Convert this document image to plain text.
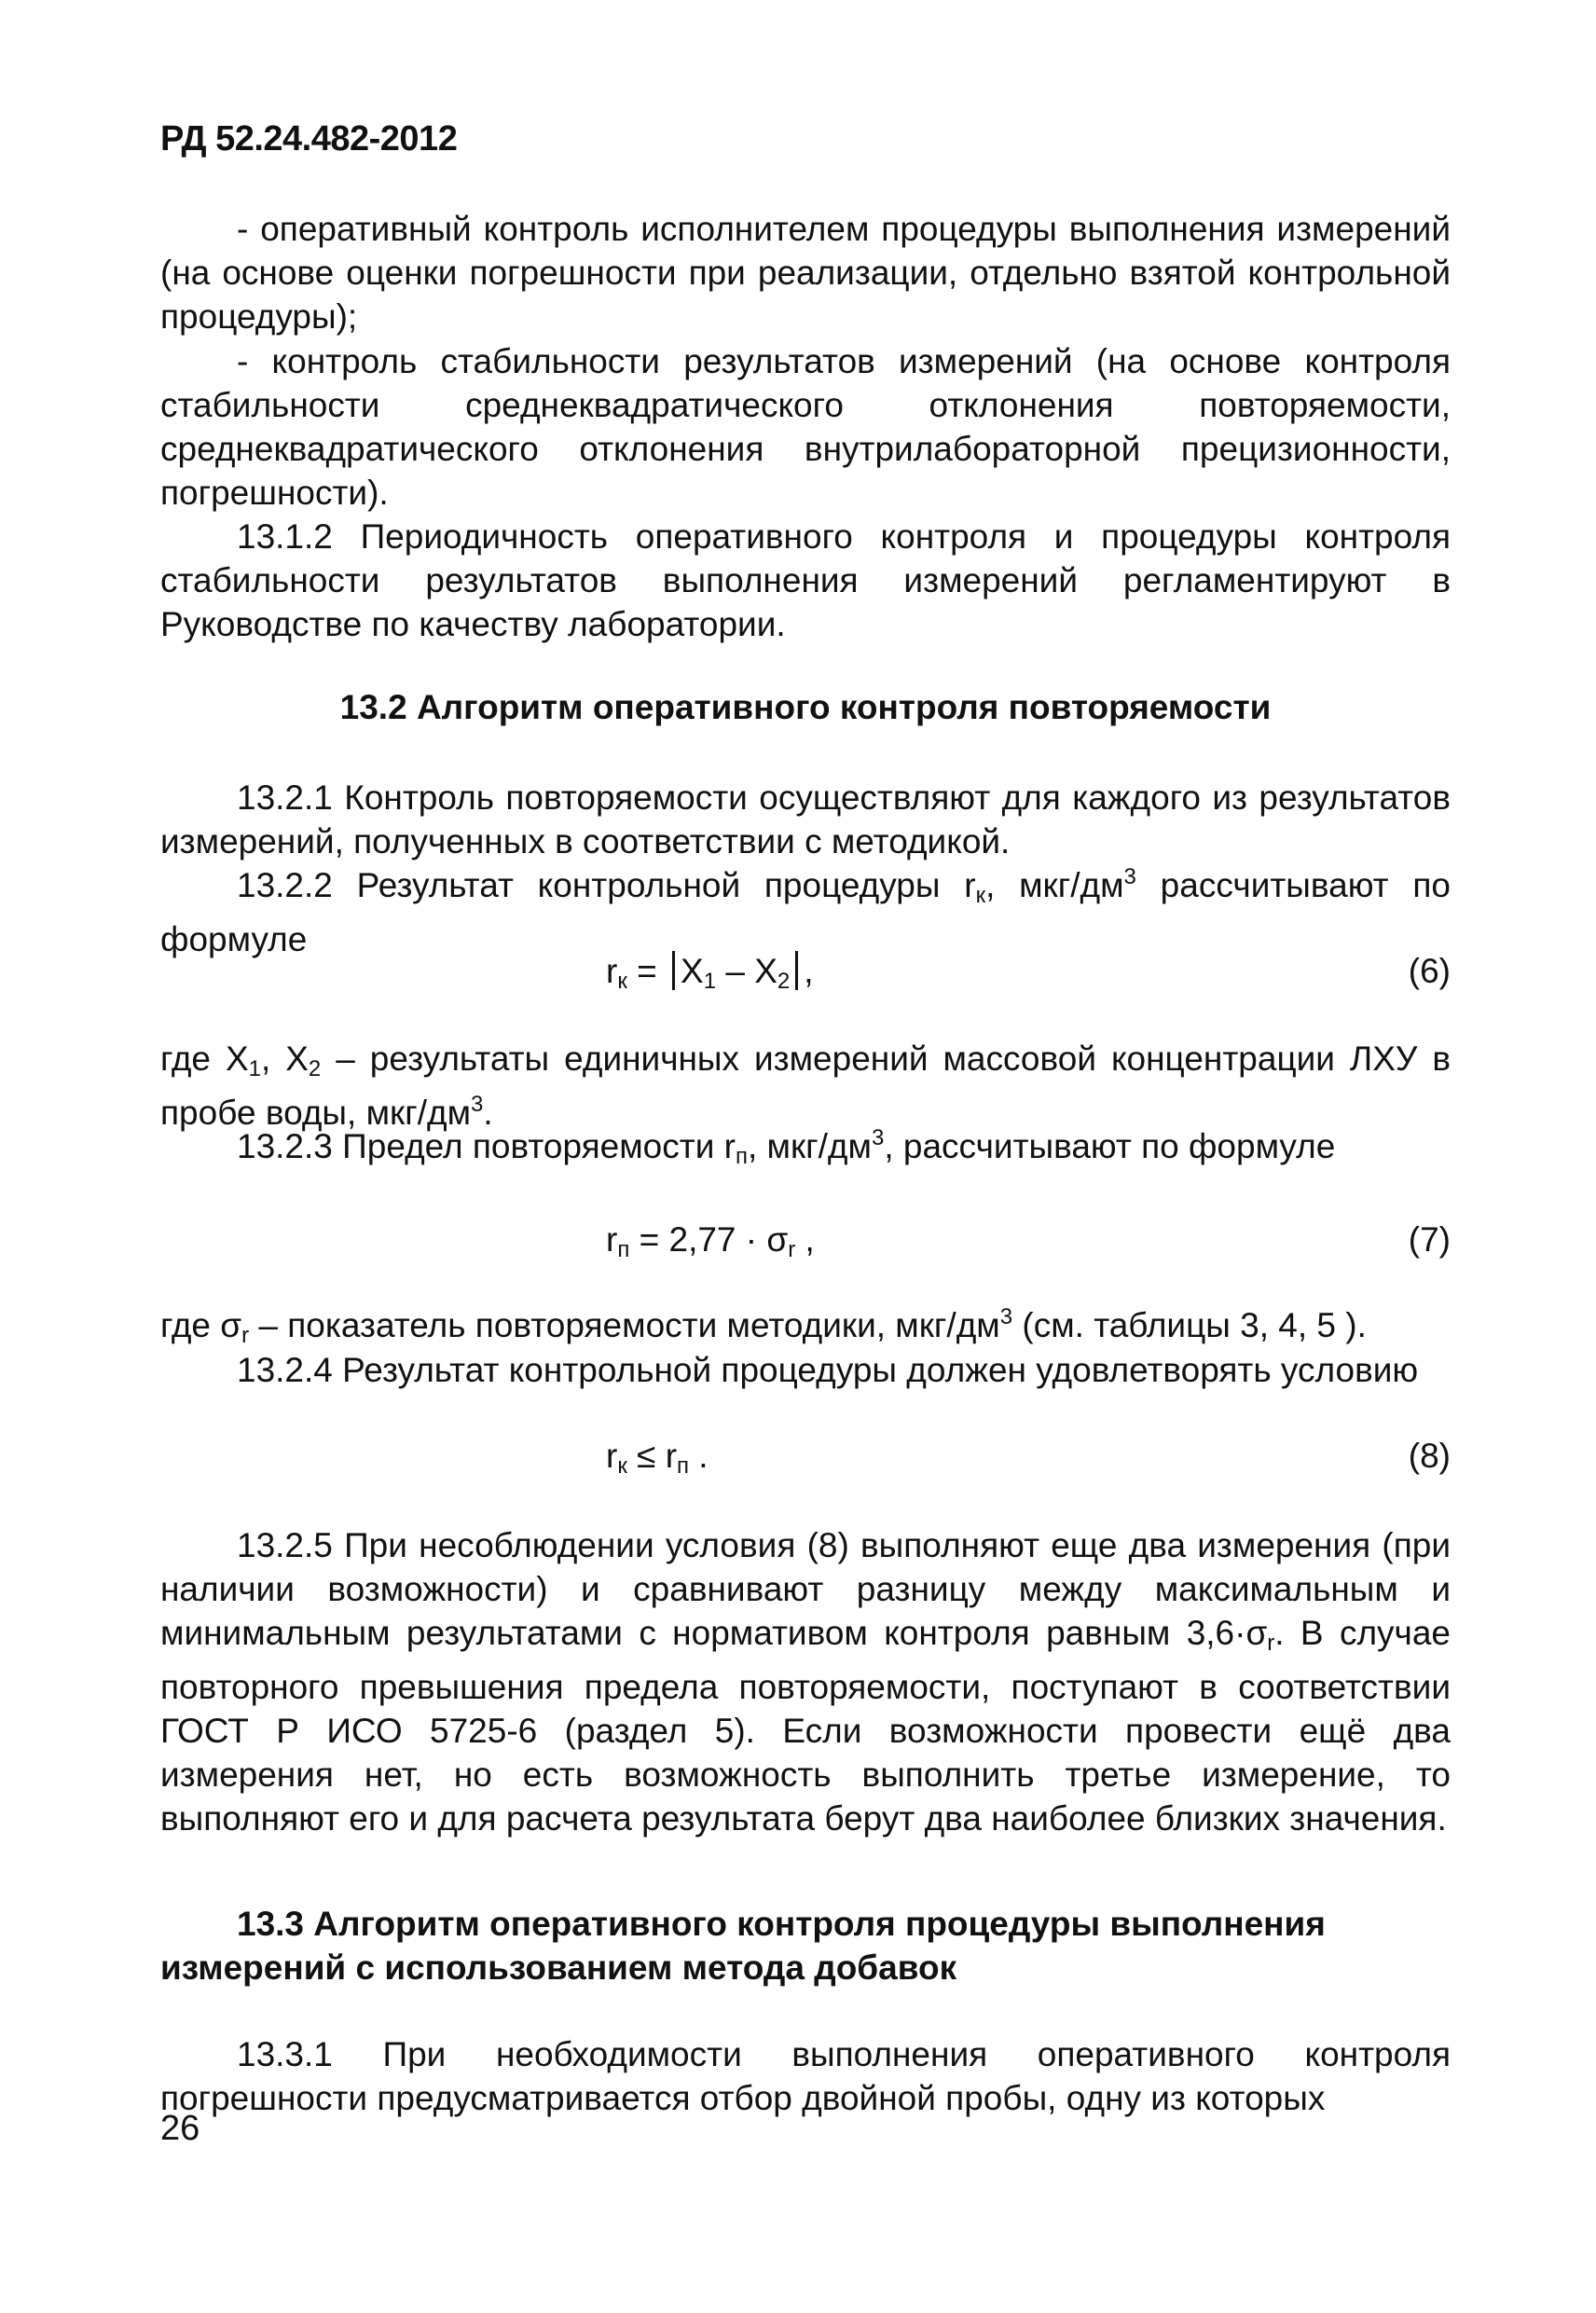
РД 52.24.482-2012
- оперативный контроль исполнителем процедуры выполнения измерений (на основе оценки погрешности при реализации, отдельно взятой контрольной процедуры);
- контроль стабильности результатов измерений (на основе контроля стабильности среднеквадратического отклонения повторяемости, среднеквадратического отклонения внутрилабораторной прецизионности, погрешности).
13.1.2 Периодичность оперативного контроля и процедуры контроля стабильности результатов выполнения измерений регламентируют в Руководстве по качеству лаборатории.
13.2 Алгоритм оперативного контроля повторяемости
13.2.1 Контроль повторяемости осуществляют для каждого из результатов измерений, полученных в соответствии с методикой.
13.2.2 Результат контрольной процедуры $r_к$, мкг/$дм^3$ рассчитывают по формуле
$r_к = X_1 - X_2$ ,	(6)
где $X_1$, $X_2$ – результаты единичных измерений массовой концентрации ЛХУ в пробе воды, мкг/$дм^3$.
13.2.3 Предел повторяемости $r_п$, мкг/$дм^3$, рассчитывают по формуле
$r_п = 2,77 \cdot \sigma_r$ ,	(7)
где $\sigma_r$ – показатель повторяемости методики, мкг/$дм^3$ (см. таблицы 3, 4, 5 ).
13.2.4 Результат контрольной процедуры должен удовлетворять условию
$r_к \le r_п$ .	(8)
13.2.5 При несоблюдении условия (8) выполняют еще два измерения (при наличии возможности) и сравнивают разницу между максимальным и минимальным результатами с нормативом контроля равным $3,6\cdot\sigma_r$. В случае повторного превышения предела повторяемости, поступают в соответствии ГОСТ Р ИСО 5725-6 (раздел 5). Если возможности провести ещё два измерения нет, но есть возможность выполнить третье измерение, то выполняют его и для расчета результата берут два наиболее близких значения.
13.3 Алгоритм оперативного контроля процедуры выполнения измерений с использованием метода добавок
13.3.1 При необходимости выполнения оперативного контроля погрешности предусматривается отбор двойной пробы, одну из которых
26
